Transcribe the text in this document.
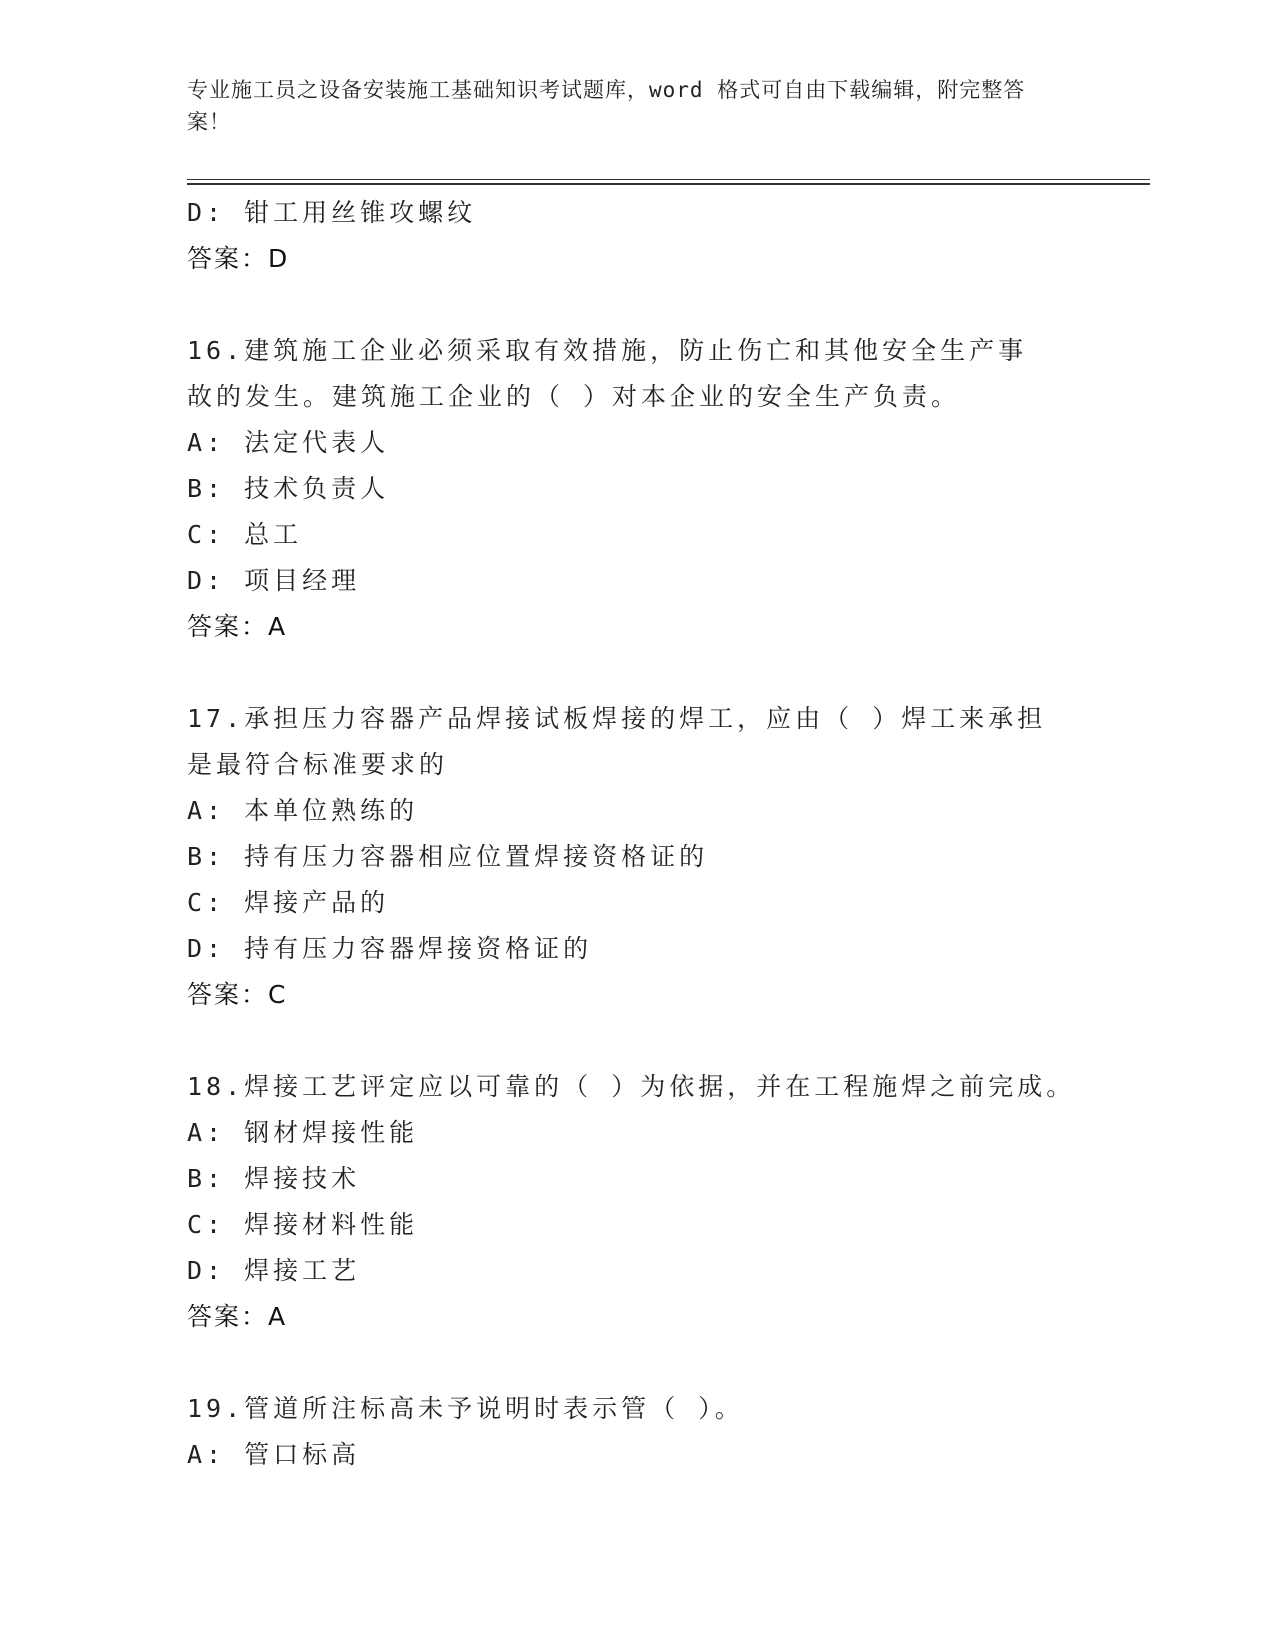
专业施工员之设备安装施工基础知识考试题库，word 格式可自由下载编辑，附完整答案！
D: 钳工用丝锥攻螺纹
答案：D
16.建筑施工企业必须采取有效措施，防止伤亡和其他安全生产事故的发生。建筑施工企业的（ ）对本企业的安全生产负责。
A: 法定代表人
B: 技术负责人
C: 总工
D: 项目经理
答案：A
17.承担压力容器产品焊接试板焊接的焊工，应由（ ）焊工来承担是最符合标准要求的
A: 本单位熟练的
B: 持有压力容器相应位置焊接资格证的
C: 焊接产品的
D: 持有压力容器焊接资格证的
答案：C
18.焊接工艺评定应以可靠的（ ）为依据，并在工程施焊之前完成。
A: 钢材焊接性能
B: 焊接技术
C: 焊接材料性能
D: 焊接工艺
答案：A
19.管道所注标高未予说明时表示管（ ）。
A: 管口标高
